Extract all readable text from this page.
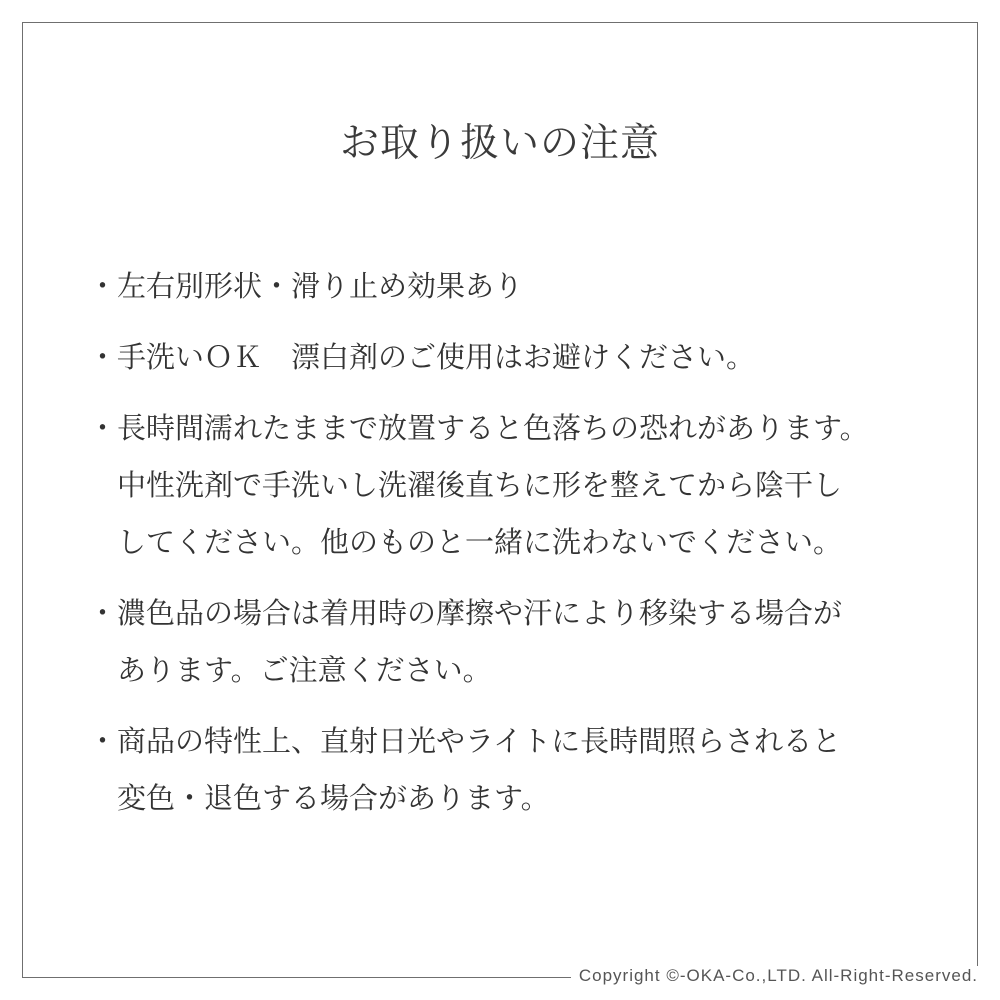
お取り扱いの注意
・ 左右別形状・滑り止め効果あり
・ 手洗いＯＫ　漂白剤のご使用はお避けください。
・ 長時間濡れたままで放置すると色落ちの恐れがあります。
中性洗剤で手洗いし洗濯後直ちに形を整えてから陰干し
してください。他のものと一緒に洗わないでください。
・ 濃色品の場合は着用時の摩擦や汗により移染する場合が
あります。ご注意ください。
・ 商品の特性上、直射日光やライトに長時間照らされると
変色・退色する場合があります。
Copyright ©-OKA-Co.,LTD. All-Right-Reserved.
